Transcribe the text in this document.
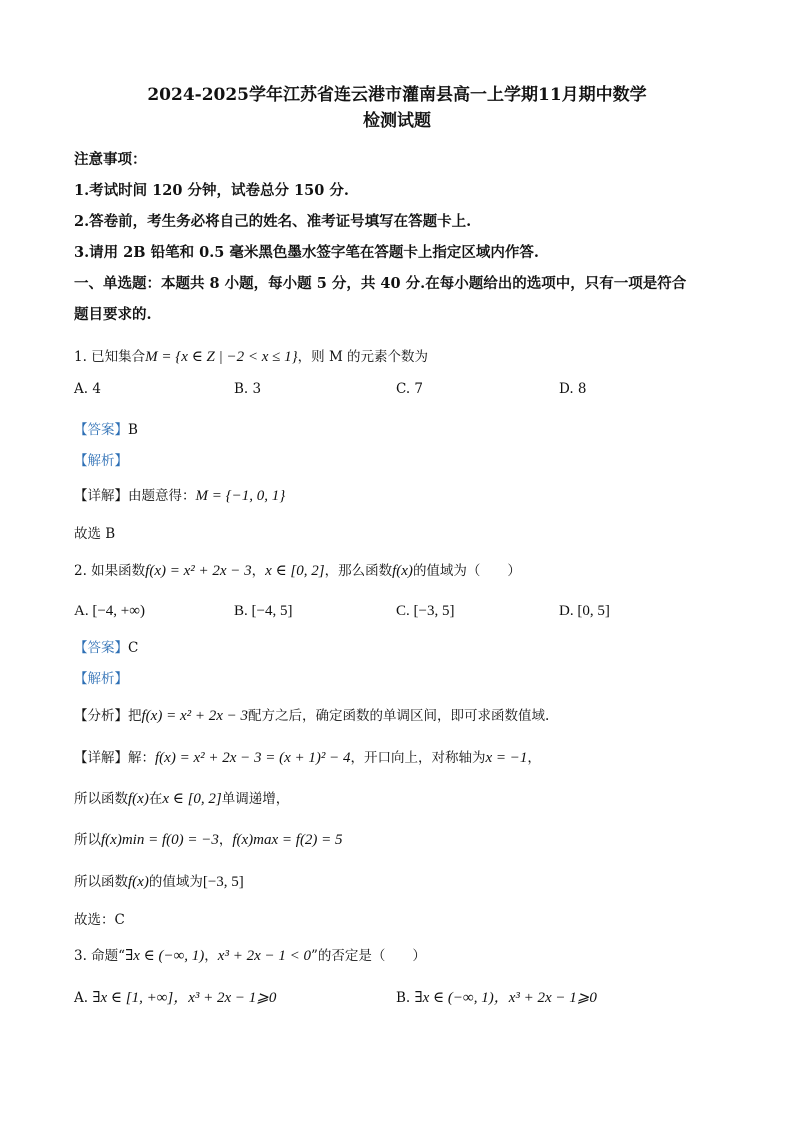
2024-2025学年江苏省连云港市灌南县高一上学期11月期中数学
检测试题
注意事项：
1.考试时间 120 分钟，试卷总分 150 分.
2.答卷前，考生务必将自己的姓名、准考证号填写在答题卡上.
3.请用 2B 铅笔和 0.5 毫米黑色墨水签字笔在答题卡上指定区域内作答.
一、单选题：本题共 8 小题，每小题 5 分，共 40 分.在每小题给出的选项中，只有一项是符合
题目要求的.
1. 已知集合M = {x ∈ Z | −2 < x ≤ 1}，则 M 的元素个数为
A. 4	B. 3	C. 7	D. 8
【答案】B
【解析】
【详解】由题意得：M = {−1, 0, 1}
故选 B
2. 如果函数f(x) = x² + 2x − 3，x ∈ [0, 2]，那么函数f(x)的值域为（　　）
A. [−4, +∞)	B. [−4, 5]	C. [−3, 5]	D. [0, 5]
【答案】C
【解析】
【分析】把f(x) = x² + 2x − 3配方之后，确定函数的单调区间，即可求函数值域.
【详解】解：f(x) = x² + 2x − 3 = (x + 1)² − 4，开口向上，对称轴为x = −1，
所以函数f(x)在x ∈ [0, 2]单调递增，
所以f(x)min = f(0) = −3，f(x)max = f(2) = 5
所以函数f(x)的值域为[−3, 5]
故选：C
3. 命题“∃x ∈ (−∞, 1)，x³ + 2x − 1 < 0”的否定是（　　）
A. ∃x ∈ [1, +∞]，x³ + 2x − 1⩾0	B. ∃x ∈ (−∞, 1)，x³ + 2x − 1⩾0
